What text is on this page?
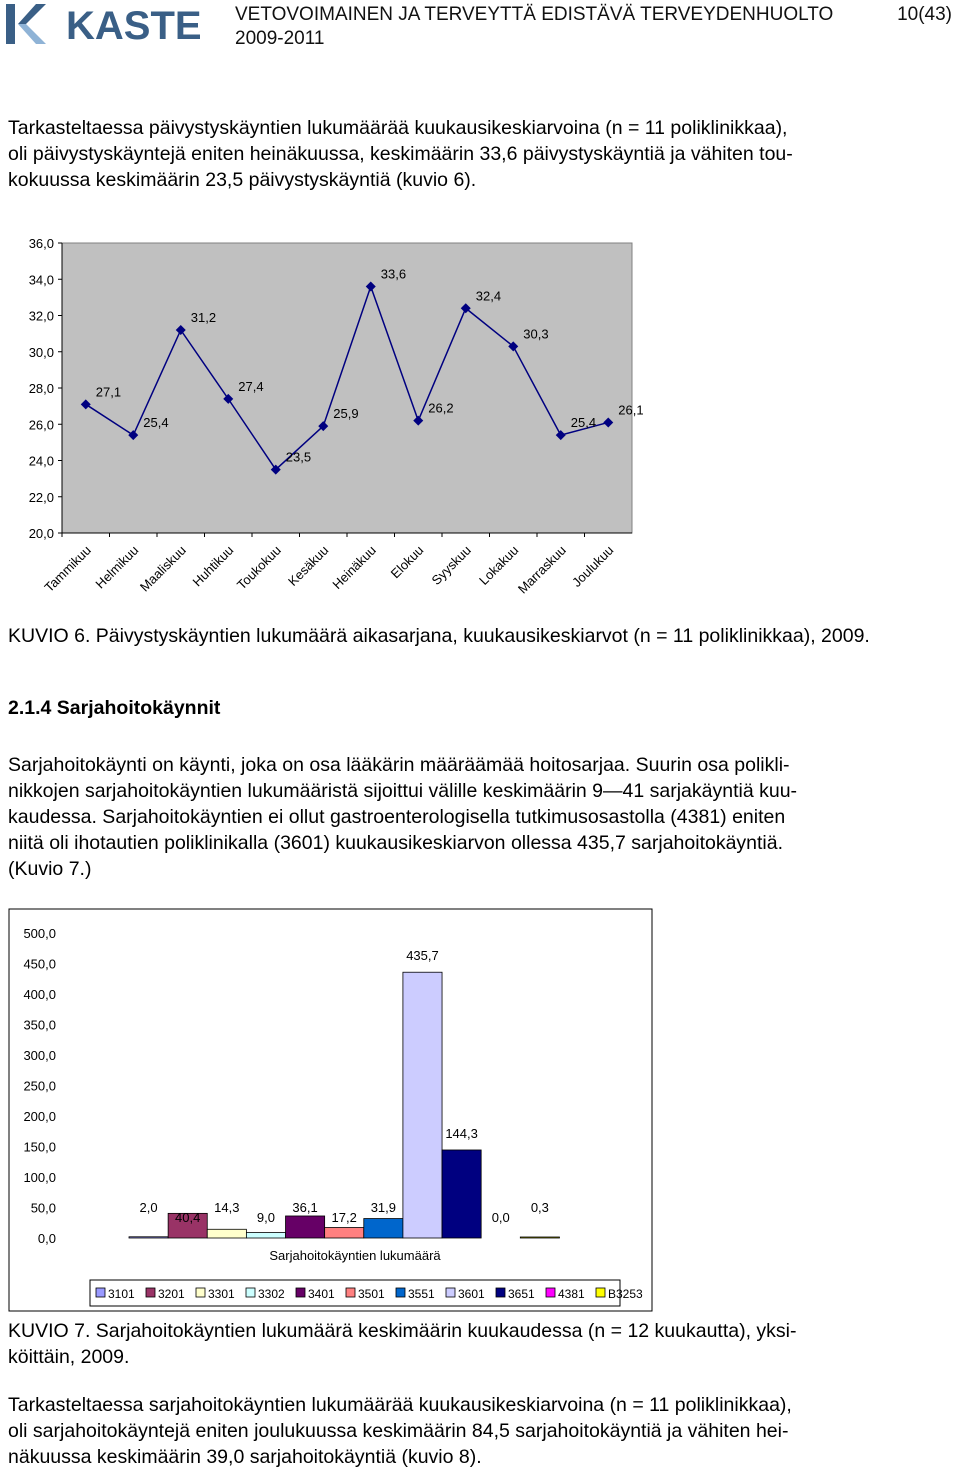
KASTE VETOVOIMAINEN JA TERVEYTTÄ EDISTÄVÄ TERVEYDENHUOLTO
2009-2011
10(43)
Tarkasteltaessa päivystyskäyntien lukumäärää kuukausikeskiarvoina (n = 11 poliklinikkaa),
oli päivystyskäyntejä eniten heinäkuussa, keskimäärin 33,6 päivystyskäyntiä ja vähiten tou-
kokuussa keskimäärin 23,5 päivystyskäyntiä (kuvio 6).
20,0
22,0
24,0
26,0
28,0
30,0
32,0
34,0
36,0
Tammikuu
Helmikuu
Maaliskuu Huhtikuu
Toukokuu Kesäkuu
Heinäkuu Elokuu Syyskuu Lokakuu
Marraskuu Joulukuu
27,1
25,4
31,2
27,4
23,5
25,9
33,6
26,2
32,4
30,3
25,4
26,1
KUVIO 6. Päivystyskäyntien lukumäärä aikasarjana, kuukausikeskiarvot (n = 11 poliklinikkaa), 2009.
2.1.4 Sarjahoitokäynnit
Sarjahoitokäynti on käynti, joka on osa lääkärin määräämää hoitosarjaa. Suurin osa polikli-
nikkojen sarjahoitokäyntien lukumääristä sijoittui välille keskimäärin 9—41 sarjakäyntiä kuu-
kaudessa. Sarjahoitokäyntien ei ollut gastroenterologisella tutkimusosastolla (4381) eniten
niitä oli ihotautien poliklinikalla (3601) kuukausikeskiarvon ollessa 435,7 sarjahoitokäyntiä.
(Kuvio 7.)
0,0
50,0
100,0
150,0
200,0
250,0
300,0
350,0
400,0
450,0
500,0
2,0
40,4
14,3
9,0
36,1
17,2
31,9
435,7
144,3
0,0
0,3
Sarjahoitokäyntien lukumäärä
3101 3201 3301 3302 3401 3501 3551 3601 3651 4381 B3253
KUVIO 7. Sarjahoitokäyntien lukumäärä keskimäärin kuukaudessa (n = 12 kuukautta), yksi-
köittäin, 2009.
Tarkasteltaessa sarjahoitokäyntien lukumäärää kuukausikeskiarvoina (n = 11 poliklinikkaa),
oli sarjahoitokäyntejä eniten joulukuussa keskimäärin 84,5 sarjahoitokäyntiä ja vähiten hei-
näkuussa keskimäärin 39,0 sarjahoitokäyntiä (kuvio 8).
